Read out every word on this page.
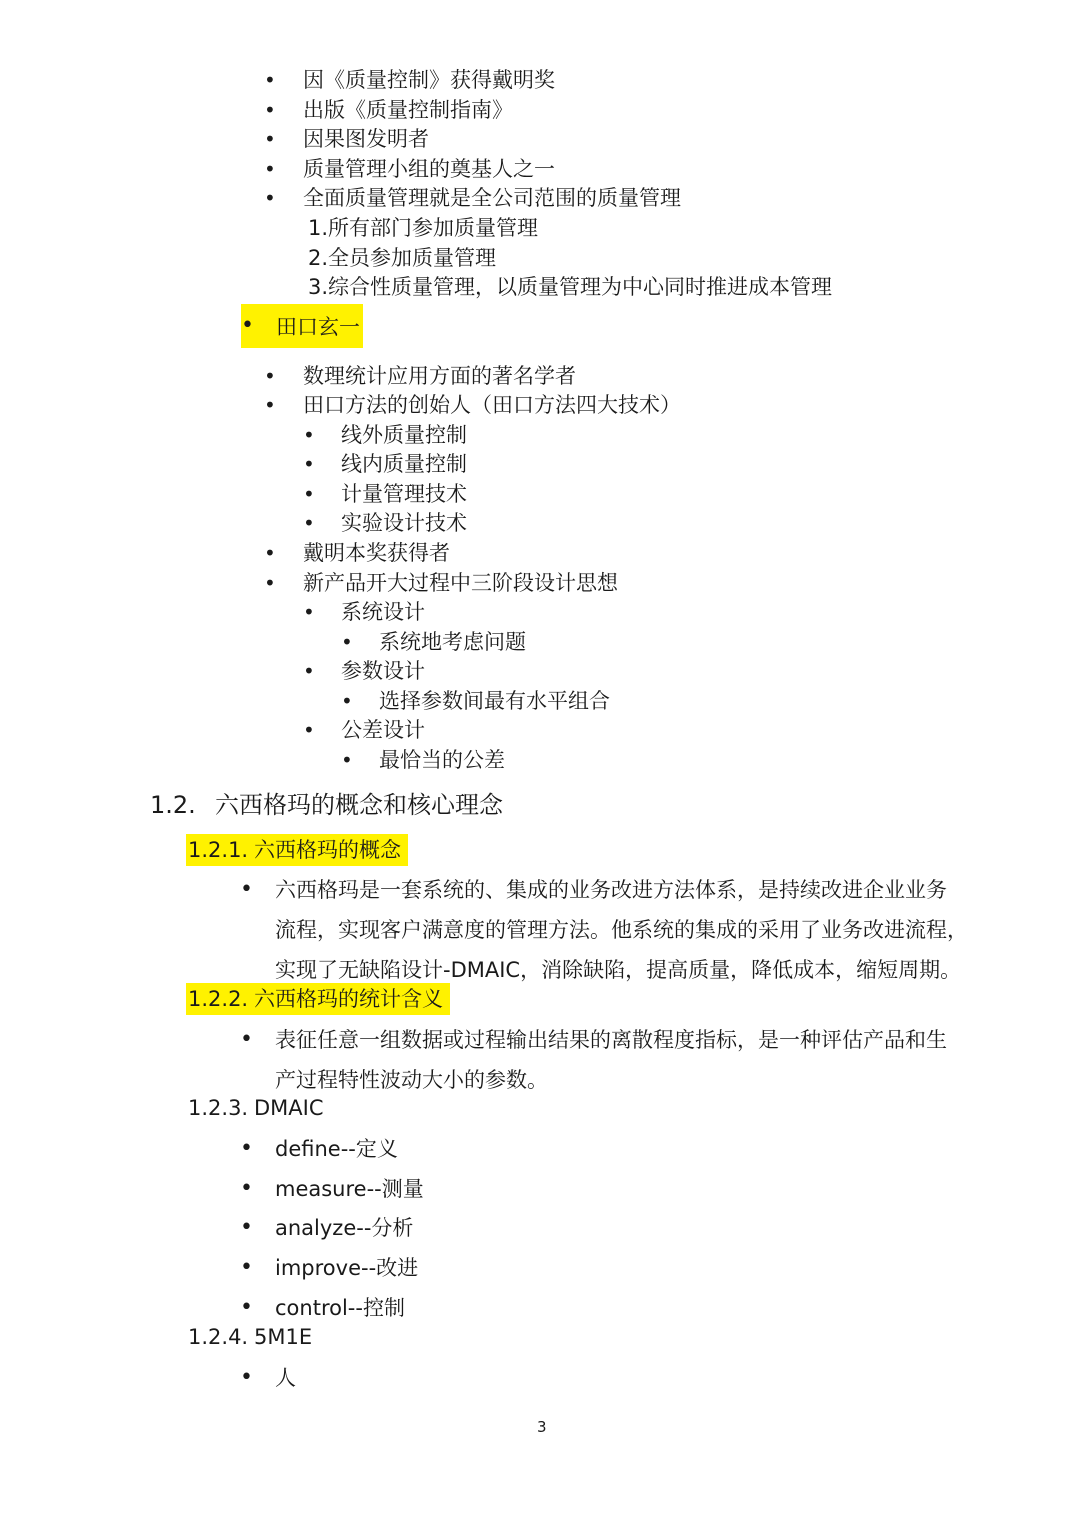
• 因《质量控制》获得戴明奖
• 出版《质量控制指南》
• 因果图发明者
• 质量管理小组的奠基人之一
• 全面质量管理就是全公司范围的质量管理
1.所有部门参加质量管理
2.全员参加质量管理
3.综合性质量管理，以质量管理为中心同时推进成本管理
• 田口玄一
• 数理统计应用方面的著名学者
• 田口方法的创始人（田口方法四大技术）
• 线外质量控制
• 线内质量控制
• 计量管理技术
• 实验设计技术
• 戴明本奖获得者
• 新产品开大过程中三阶段设计思想
• 系统设计
• 系统地考虑问题
• 参数设计
• 选择参数间最有水平组合
• 公差设计
• 最恰当的公差
1.2. 六西格玛的概念和核心理念
1.2.1. 六西格玛的概念
• 六西格玛是一套系统的、集成的业务改进方法体系，是持续改进企业业务
流程，实现客户满意度的管理方法。他系统的集成的采用了业务改进流程，
实现了无缺陷设计-DMAIC，消除缺陷，提高质量，降低成本，缩短周期。
1.2.2. 六西格玛的统计含义
• 表征任意一组数据或过程输出结果的离散程度指标，是一种评估产品和生
产过程特性波动大小的参数。
1.2.3. DMAIC
• define--定义
• measure--测量
• analyze--分析
• improve--改进
• control--控制
1.2.4. 5M1E
• 人
3
